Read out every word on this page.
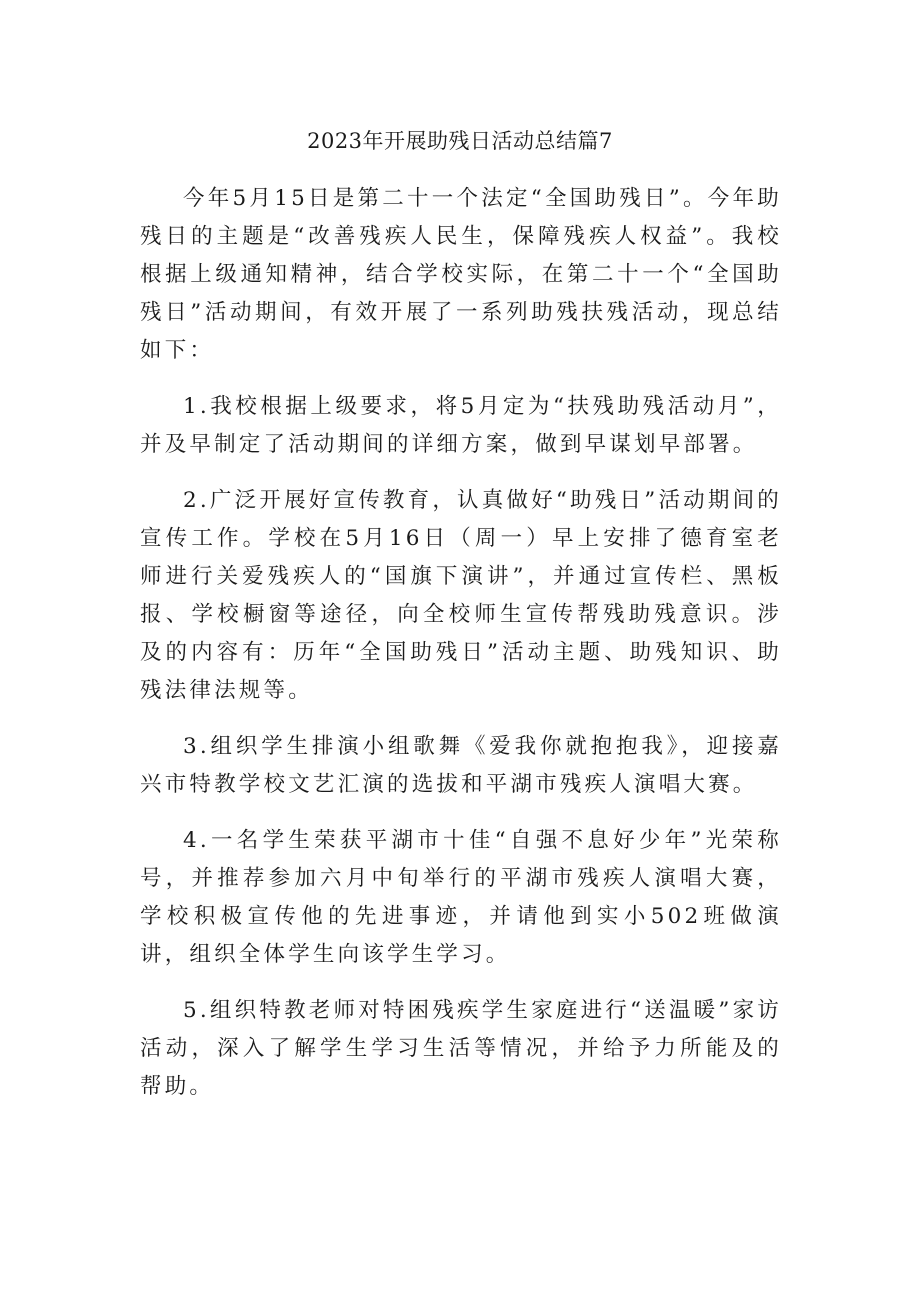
2023年开展助残日活动总结篇7

今年5月15日是第二十一个法定“全国助残日”。今年助残日的主题是“改善残疾人民生，保障残疾人权益”。我校根据上级通知精神，结合学校实际，在第二十一个“全国助残日”活动期间，有效开展了一系列助残扶残活动，现总结如下：

1.我校根据上级要求，将5月定为“扶残助残活动月”，并及早制定了活动期间的详细方案，做到早谋划早部署。

2.广泛开展好宣传教育，认真做好“助残日”活动期间的宣传工作。学校在5月16日（周一）早上安排了德育室老师进行关爱残疾人的“国旗下演讲”，并通过宣传栏、黑板报、学校橱窗等途径，向全校师生宣传帮残助残意识。涉及的内容有：历年“全国助残日”活动主题、助残知识、助残法律法规等。

3.组织学生排演小组歌舞《爱我你就抱抱我》，迎接嘉兴市特教学校文艺汇演的选拔和平湖市残疾人演唱大赛。

4.一名学生荣获平湖市十佳“自强不息好少年”光荣称号，并推荐参加六月中旬举行的平湖市残疾人演唱大赛，学校积极宣传他的先进事迹，并请他到实小502班做演讲，组织全体学生向该学生学习。

5.组织特教老师对特困残疾学生家庭进行“送温暖”家访活动，深入了解学生学习生活等情况，并给予力所能及的帮助。
